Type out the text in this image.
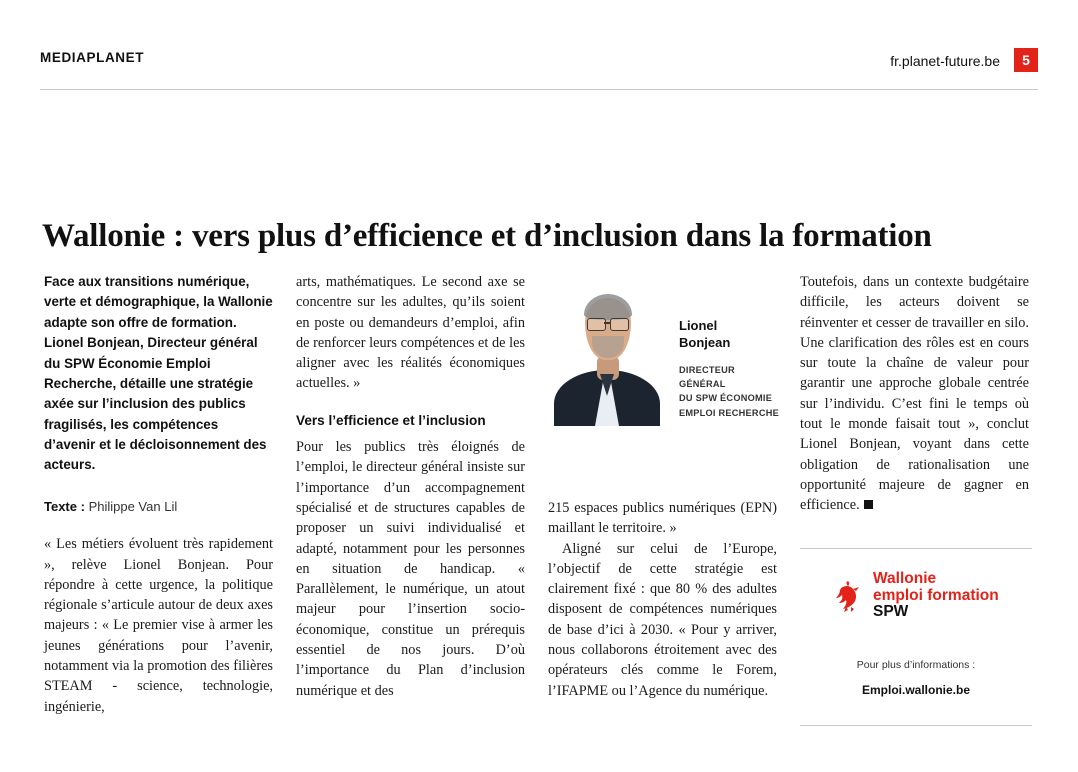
MEDIAPLANET	fr.planet-future.be	5
Wallonie : vers plus d’efficience et d’inclusion dans la formation

Face aux transitions numérique, verte et démographique, la Wallonie adapte son offre de formation. Lionel Bonjean, Directeur général du SPW Économie Emploi Recherche, détaille une stratégie axée sur l’inclusion des publics fragilisés, les compétences d’avenir et le décloisonnement des acteurs.

Texte : Philippe Van Lil

« Les métiers évoluent très rapidement », relève Lionel Bonjean. Pour répondre à cette urgence, la politique régionale s’articule autour de deux axes majeurs : « Le premier vise à armer les jeunes générations pour l’avenir, notamment via la promotion des filières STEAM - science, technologie, ingénierie,

arts, mathématiques. Le second axe se concentre sur les adultes, qu’ils soient en poste ou demandeurs d’emploi, afin de renforcer leurs compétences et de les aligner avec les réalités économiques actuelles. »

Vers l’efficience et l’inclusion

Pour les publics très éloignés de l’emploi, le directeur général insiste sur l’importance d’un accompagnement spécialisé et de structures capables de proposer un suivi individualisé et adapté, notamment pour les personnes en situation de handicap. « Parallèlement, le numérique, un atout majeur pour l’insertion socio-économique, constitue un prérequis essentiel de nos jours. D’où l’importance du Plan d’inclusion numérique et des

215 espaces publics numériques (EPN) maillant le territoire. »

Aligné sur celui de l’Europe, l’objectif de cette stratégie est clairement fixé : que 80 % des adultes disposent de compétences numériques de base d’ici à 2030. « Pour y arriver, nous collaborons étroitement avec des opérateurs clés comme le Forem, l’IFAPME ou l’Agence du numérique.

Lionel
Bonjean
DIRECTEUR GÉNÉRAL
DU SPW ÉCONOMIE
EMPLOI RECHERCHE

Toutefois, dans un contexte budgétaire difficile, les acteurs doivent se réinventer et cesser de travailler en silo. Une clarification des rôles est en cours sur toute la chaîne de valeur pour garantir une approche globale centrée sur l’individu. C’est fini le temps où tout le monde faisait tout », conclut Lionel Bonjean, voyant dans cette obligation de rationalisation une opportunité majeure de gagner en efficience.

Wallonie
emploi formation
SPW
Pour plus d’informations :
Emploi.wallonie.be
